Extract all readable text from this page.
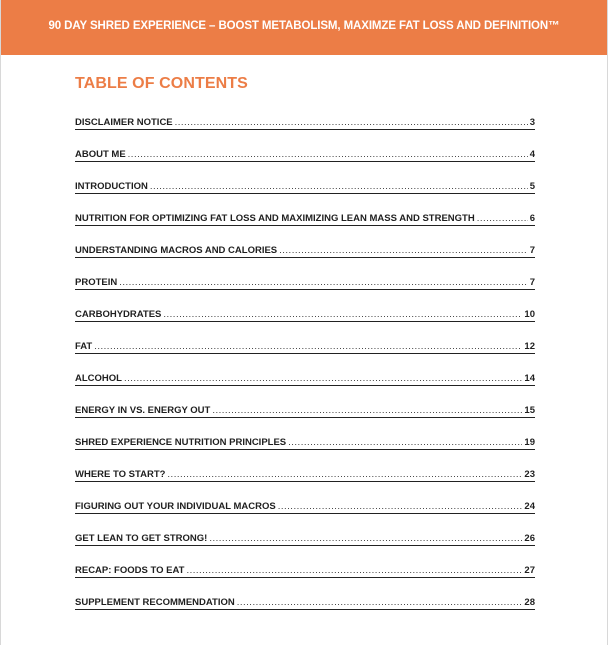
90 DAY SHRED EXPERIENCE – BOOST METABOLISM, MAXIMZE FAT LOSS AND DEFINITION™
TABLE OF CONTENTS
DISCLAIMER NOTICE .....	3
ABOUT ME .....	4
INTRODUCTION .....	5
NUTRITION FOR OPTIMIZING FAT LOSS AND MAXIMIZING LEAN MASS AND STRENGTH .....	6
UNDERSTANDING MACROS AND CALORIES .....	7
PROTEIN .....	7
CARBOHYDRATES .....	10
FAT .....	12
ALCOHOL .....	14
ENERGY IN VS. ENERGY OUT .....	15
SHRED EXPERIENCE NUTRITION PRINCIPLES .....	19
WHERE TO START? .....	23
FIGURING OUT YOUR INDIVIDUAL MACROS .....	24
GET LEAN TO GET STRONG! .....	26
RECAP: FOODS TO EAT .....	27
SUPPLEMENT RECOMMENDATION .....	28
